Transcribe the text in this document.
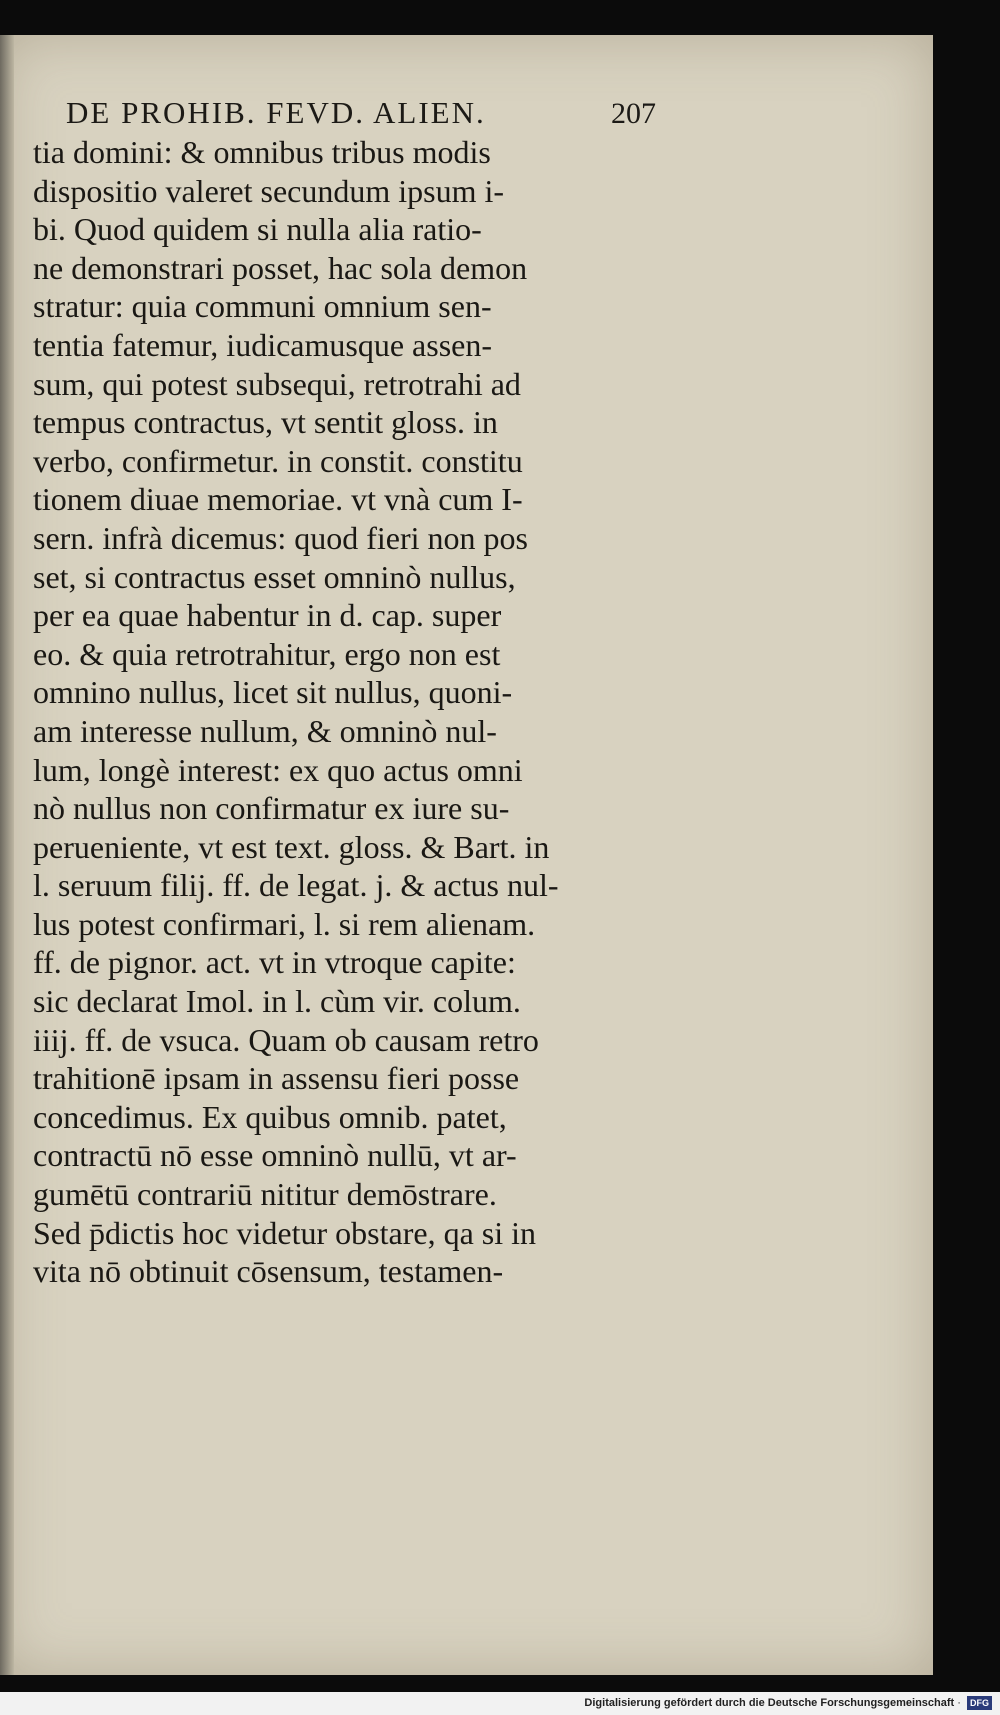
DE PROHIB. FEVD. ALIEN.	207
tia domini: & omnibus tribus modis
dispositio valeret secundum ipsum i-
bi. Quod quidem si nulla alia ratio-
ne demonstrari posset, hac sola demon
stratur: quia communi omnium sen-
tentia fatemur, iudicamusque assen-
sum, qui potest subsequi, retrotrahi ad
tempus contractus, vt sentit gloss. in
verbo, confirmetur. in constit. constitu
tionem diuae memoriae. vt vnà cum I-
sern. infrà dicemus: quod fieri non pos
set, si contractus esset omninò nullus,
per ea quae habentur in d. cap. super
eo. & quia retrotrahitur, ergo non est
omnino nullus, licet sit nullus, quoni-
am interesse nullum, & omninò nul-
lum, longè interest: ex quo actus omni
nò nullus non confirmatur ex iure su-
perueniente, vt est text. gloss. & Bart. in
l. seruum filij. ff. de legat. j. & actus nul-
lus potest confirmari, l. si rem alienam.
ff. de pignor. act. vt in vtroque capite:
sic declarat Imol. in l. cùm vir. colum.
iiij. ff. de vsuca. Quam ob causam retro
trahitionē ipsam in assensu fieri posse
concedimus. Ex quibus omnib. patet,
contractū nō esse omninò nullū, vt ar-
gumētū contrariū nititur demōstrare.
Sed p̄dictis hoc videtur obstare, qa si in
vita nō obtinuit cōsensum, testamen-
Digitalisierung gefördert durch die Deutsche Forschungsgemeinschaft · DFG
